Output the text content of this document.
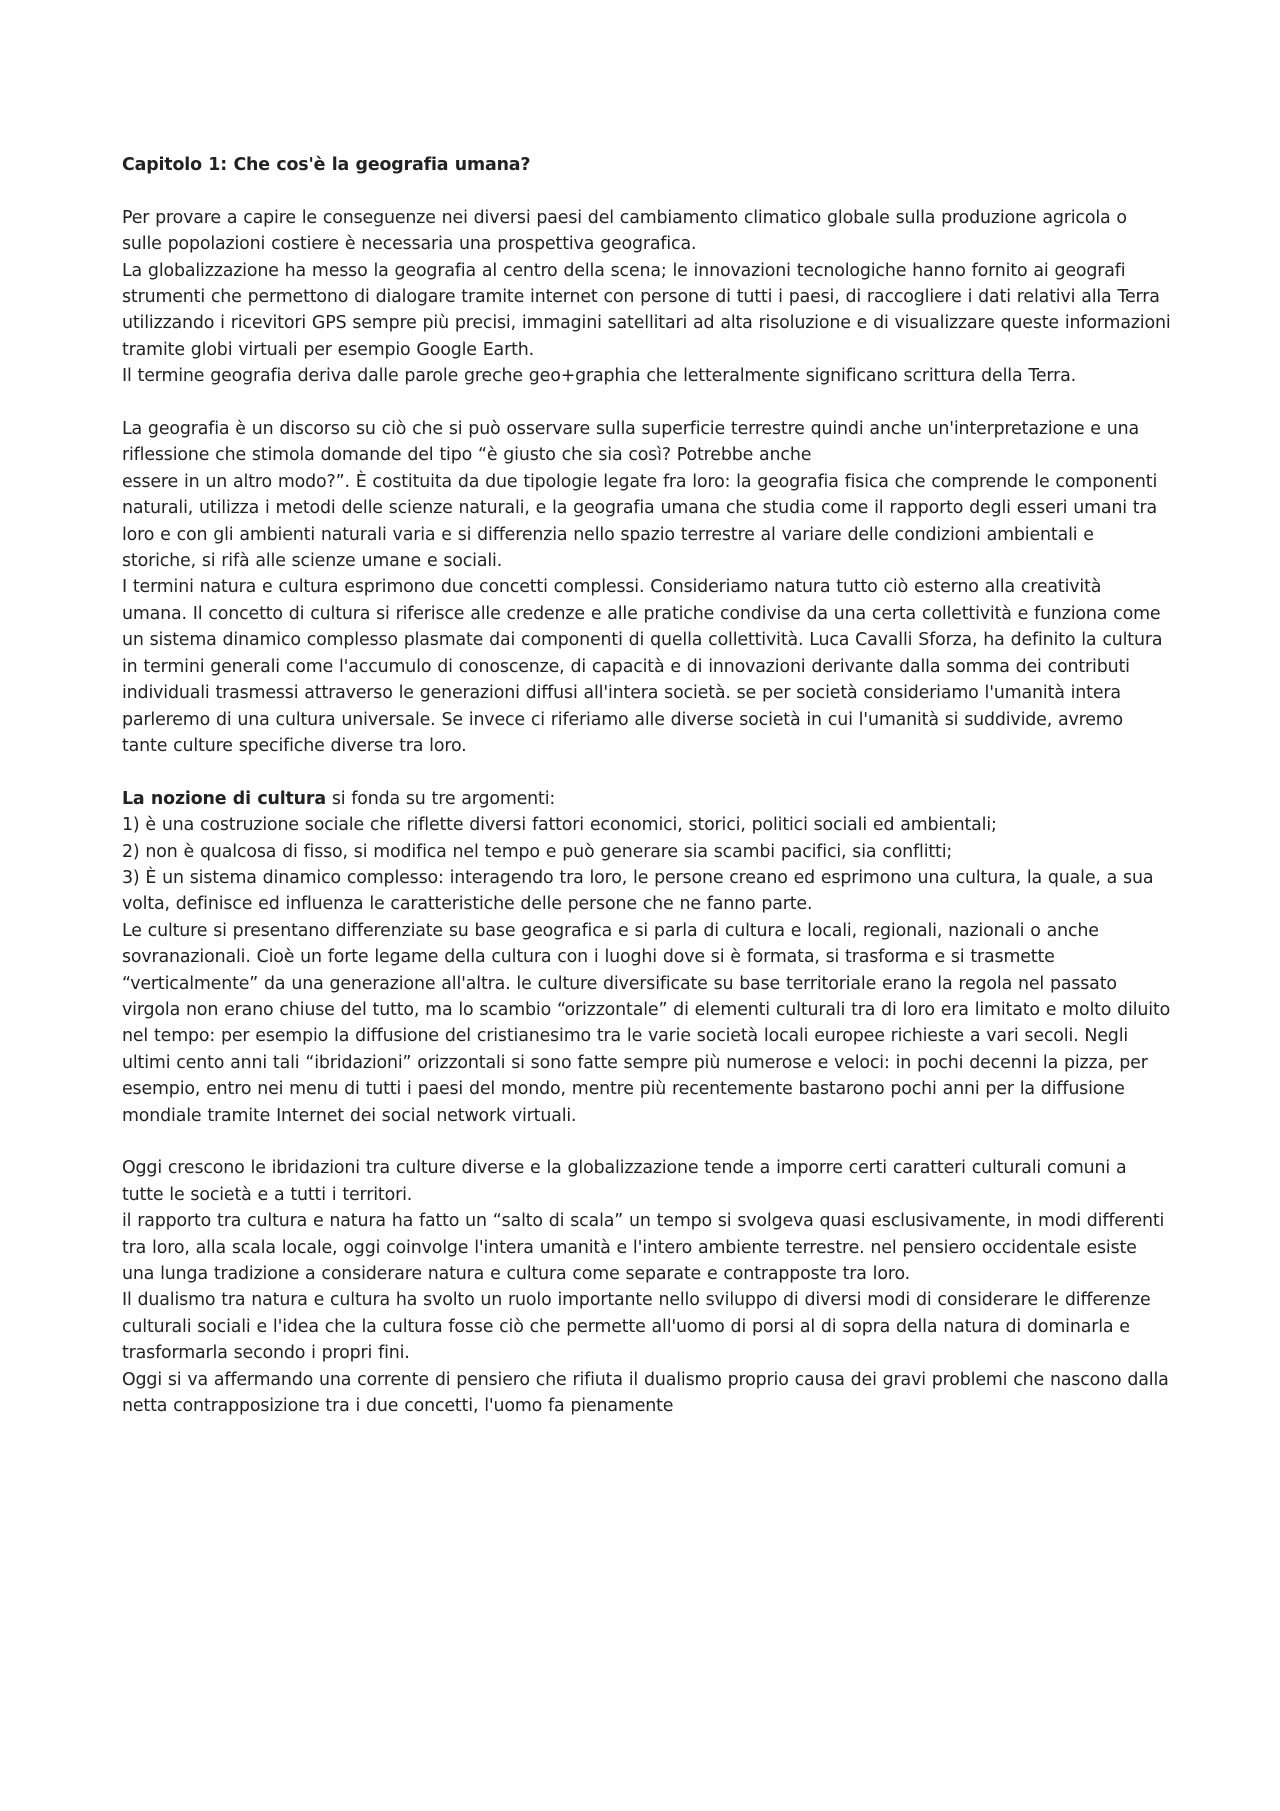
Capitolo 1: Che cos'è la geografia umana?

Per provare a capire le conseguenze nei diversi paesi del cambiamento climatico globale sulla produzione agricola o sulle popolazioni costiere è necessaria una prospettiva geografica.

La globalizzazione ha messo la geografia al centro della scena; le innovazioni tecnologiche hanno fornito ai geografi strumenti che permettono di dialogare tramite internet con persone di tutti i paesi, di raccogliere i dati relativi alla Terra utilizzando i ricevitori GPS sempre più precisi, immagini satellitari ad alta risoluzione e di visualizzare queste informazioni tramite globi virtuali per esempio Google Earth.

Il termine geografia deriva dalle parole greche geo+graphia che letteralmente significano scrittura della Terra.

La geografia è un discorso su ciò che si può osservare sulla superficie terrestre quindi anche un'interpretazione e una riflessione che stimola domande del tipo “è giusto che sia così? Potrebbe anche

essere in un altro modo?”. È costituita da due tipologie legate fra loro: la geografia fisica che comprende le componenti naturali, utilizza i metodi delle scienze naturali, e la geografia umana che studia come il rapporto degli esseri umani tra loro e con gli ambienti naturali varia e si differenzia nello spazio terrestre al variare delle condizioni ambientali e storiche, si rifà alle scienze umane e sociali.

I termini natura e cultura esprimono due concetti complessi. Consideriamo natura tutto ciò esterno alla creatività umana. Il concetto di cultura si riferisce alle credenze e alle pratiche condivise da una certa collettività e funziona come un sistema dinamico complesso plasmate dai componenti di quella collettività. Luca Cavalli Sforza, ha definito la cultura in termini generali come l'accumulo di conoscenze, di capacità e di innovazioni derivante dalla somma dei contributi individuali trasmessi attraverso le generazioni diffusi all'intera società. se per società consideriamo l'umanità intera parleremo di una cultura universale. Se invece ci riferiamo alle diverse società in cui l'umanità si suddivide, avremo tante culture specifiche diverse tra loro.

La nozione di cultura si fonda su tre argomenti:

1) è una costruzione sociale che riflette diversi fattori economici, storici, politici sociali ed ambientali;

2) non è qualcosa di fisso, si modifica nel tempo e può generare sia scambi pacifici, sia conflitti;

3) È un sistema dinamico complesso: interagendo tra loro, le persone creano ed esprimono una cultura, la quale, a sua volta, definisce ed influenza le caratteristiche delle persone che ne fanno parte.

Le culture si presentano differenziate su base geografica e si parla di cultura e locali, regionali, nazionali o anche sovranazionali. Cioè un forte legame della cultura con i luoghi dove si è formata, si trasforma e si trasmette “verticalmente” da una generazione all'altra. le culture diversificate su base territoriale erano la regola nel passato virgola non erano chiuse del tutto, ma lo scambio “orizzontale” di elementi culturali tra di loro era limitato e molto diluito nel tempo: per esempio la diffusione del cristianesimo tra le varie società locali europee richieste a vari secoli. Negli ultimi cento anni tali “ibridazioni” orizzontali si sono fatte sempre più numerose e veloci: in pochi decenni la pizza, per esempio, entro nei menu di tutti i paesi del mondo, mentre più recentemente bastarono pochi anni per la diffusione mondiale tramite Internet dei social network virtuali.

Oggi crescono le ibridazioni tra culture diverse e la globalizzazione tende a imporre certi caratteri culturali comuni a tutte le società e a tutti i territori.

il rapporto tra cultura e natura ha fatto un “salto di scala” un tempo si svolgeva quasi esclusivamente, in modi differenti tra loro, alla scala locale, oggi coinvolge l'intera umanità e l'intero ambiente terrestre. nel pensiero occidentale esiste una lunga tradizione a considerare natura e cultura come separate e contrapposte tra loro.

Il dualismo tra natura e cultura ha svolto un ruolo importante nello sviluppo di diversi modi di considerare le differenze culturali sociali e l'idea che la cultura fosse ciò che permette all'uomo di porsi al di sopra della natura di dominarla e trasformarla secondo i propri fini.

Oggi si va affermando una corrente di pensiero che rifiuta il dualismo proprio causa dei gravi problemi che nascono dalla netta contrapposizione tra i due concetti, l'uomo fa pienamente
